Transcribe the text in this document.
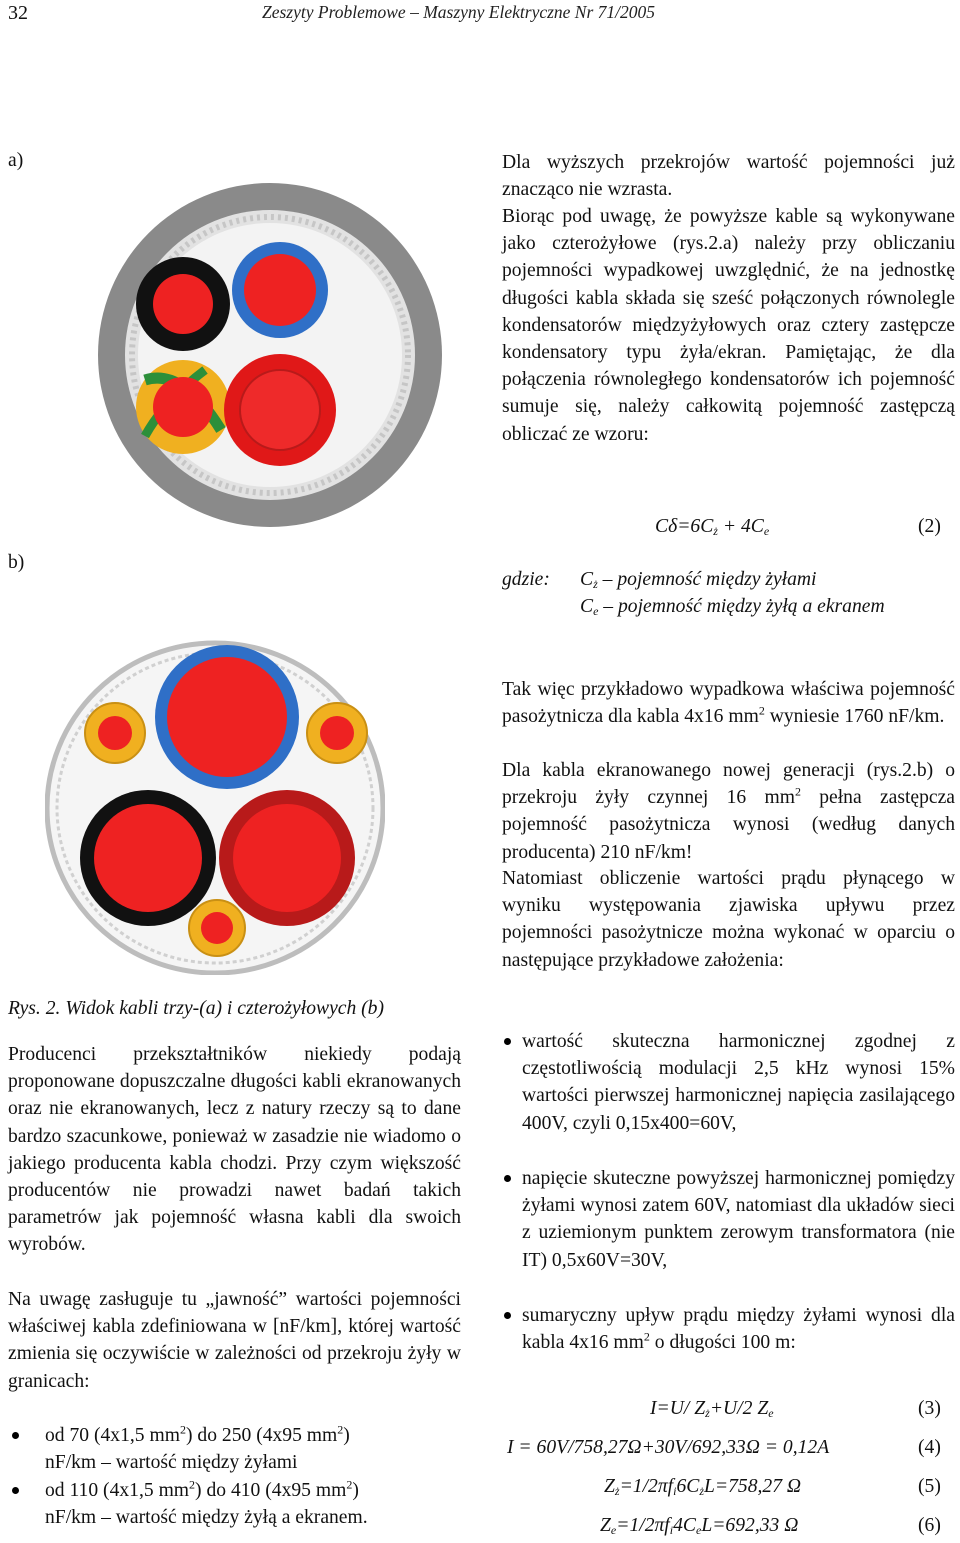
32	Zeszyty Problemowe – Maszyny Elektryczne Nr 71/2005
a)
b)
Rys. 2. Widok kabli trzy-(a) i czterożyłowych (b)

Producenci przekształtników niekiedy podają proponowane dopuszczalne długości kabli ekranowanych oraz nie ekranowanych, lecz z natury rzeczy są to dane bardzo szacunkowe, ponieważ w zasadzie nie wiadomo o jakiego producenta kabla chodzi. Przy czym większość producentów nie prowadzi nawet badań takich parametrów jak pojemność własna kabli dla swoich wyrobów.

Na uwagę zasługuje tu „jawność” wartości pojemności właściwej kabla zdefiniowana w [nF/km], której wartość zmienia się oczywiście w zależności od przekroju żyły w granicach:

od 70 (4x1,5 $mm^2$) do 250 (4x95 $mm^2$)
nF/km – wartość między żyłami
od 110 (4x1,5 $mm^2$) do 410 (4x95 $mm^2$)
nF/km – wartość między żyłą a ekranem.

Dla wyższych przekrojów wartość pojemności już znacząco nie wzrasta.

Biorąc pod uwagę, że powyższe kable są wykonywane jako czterożyłowe (rys.2.a) należy przy obliczaniu pojemności wypadkowej uwzględnić, że na jednostkę długości kabla składa się sześć połączonych równolegle kondensatorów międzyżyłowych oraz cztery zastępcze kondensatory typu żyła/ekran. Pamiętając, że dla połączenia równoległego kondensatorów ich pojemność sumuje się, należy całkowitą pojemność zastępczą obliczać ze wzoru:

$C\delta=6C_ż + 4C_e$	(2)
gdzie: $C_ż$ – pojemność między żyłami
$C_e$ – pojemność między żyłą a ekranem

Tak więc przykładowo wypadkowa właściwa pojemność pasożytnicza dla kabla 4x16 $mm^2$ wyniesie 1760 nF/km.

Dla kabla ekranowanego nowej generacji (rys.2.b) o przekroju żyły czynnej 16 $mm^2$ pełna zastępcza pojemność pasożytnicza wynosi (według danych producenta) 210 nF/km!

Natomiast obliczenie wartości prądu płynącego w wyniku występowania zjawiska upływu przez pojemności pasożytnicze można wykonać w oparciu o następujące przykładowe założenia:

wartość skuteczna harmonicznej zgodnej z częstotliwością modulacji 2,5 kHz wynosi 15% wartości pierwszej harmonicznej napięcia zasilającego 400V, czyli 0,15x400=60V,

napięcie skuteczne powyższej harmonicznej pomiędzy żyłami wynosi zatem 60V, natomiast dla układów sieci z uziemionym punktem zerowym transformatora (nie IT) 0,5x60V=30V,

sumaryczny upływ prądu między żyłami wynosi dla kabla 4x16 $mm^2$ o długości 100 m:

I=U/ $Z_ż+U/2$ $Z_e$	(3)
I = 60V/758,27Ω+30V/692,33Ω = 0,12A	(4)
$Z_ż=1/2\pi f_i6C_żL=758,27$ Ω	(5)
$Z_e=1/2\pi f_i4C_eL=692,33$ Ω	(6)
